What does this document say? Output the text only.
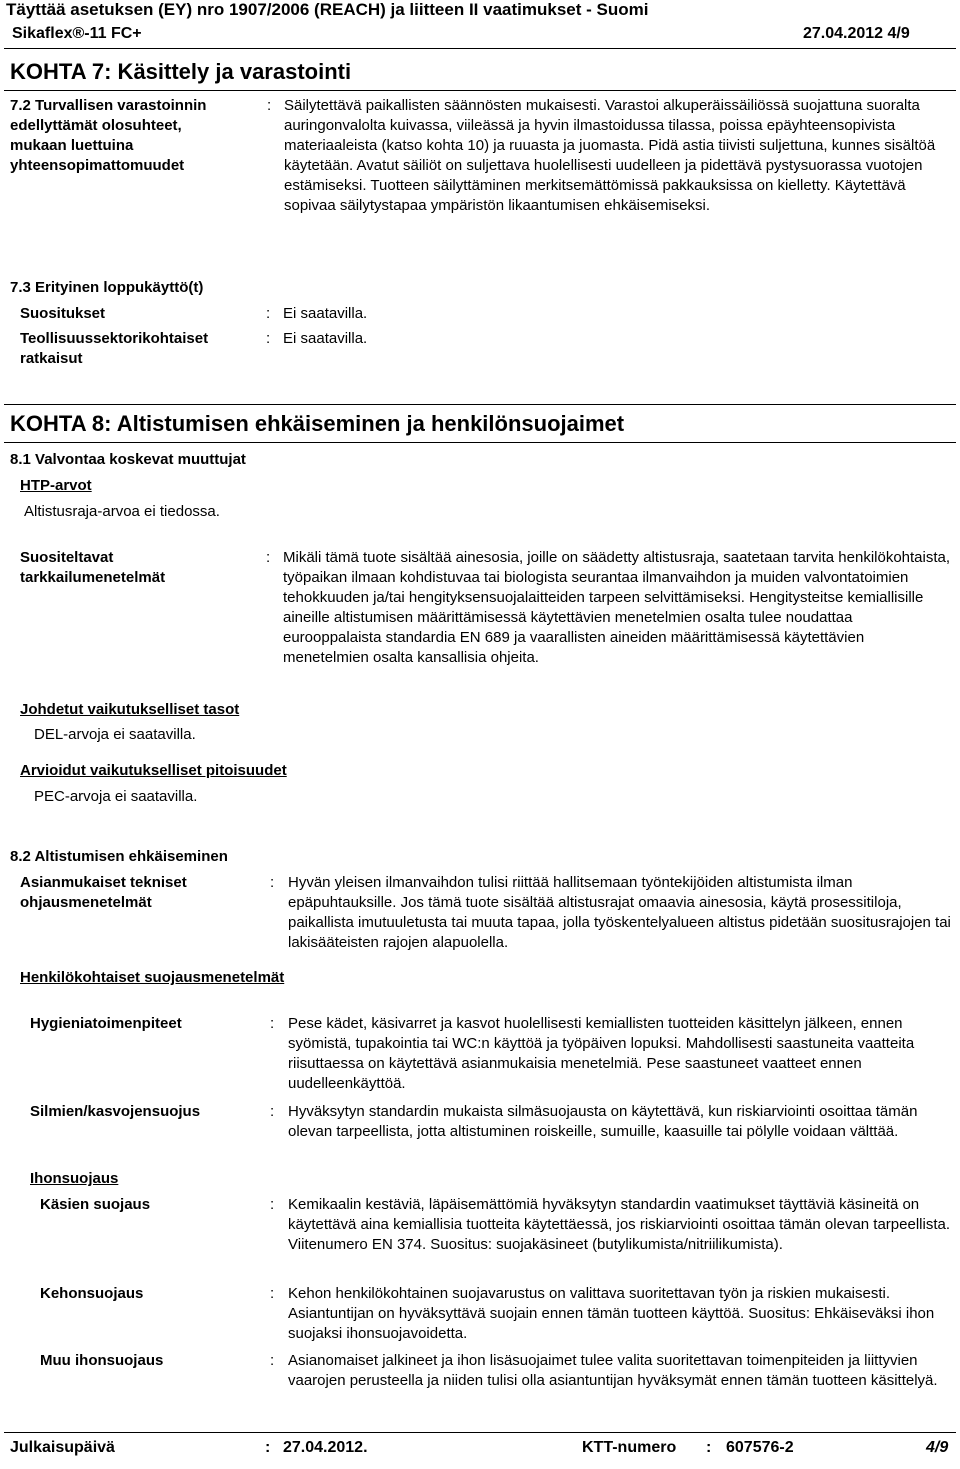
Täyttää asetuksen (EY) nro 1907/2006 (REACH) ja liitteen II vaatimukset - Suomi
Sikaflex®-11 FC+	27.04.2012 4/9
KOHTA 7: Käsittely ja varastointi
7.2 Turvallisen varastoinnin
edellyttämät olosuhteet,
mukaan luettuina
yhteensopimattomuudet
: Säilytettävä paikallisten säännösten mukaisesti. Varastoi alkuperäissäiliössä suojattuna suoralta auringonvalolta kuivassa, viileässä ja hyvin ilmastoidussa tilassa, poissa epäyhteensopivista materiaaleista (katso kohta 10) ja ruuasta ja juomasta. Pidä astia tiivisti suljettuna, kunnes sisältöä käytetään. Avatut säiliöt on suljettava huolellisesti uudelleen ja pidettävä pystysuorassa vuotojen estämiseksi. Tuotteen säilyttäminen merkitsemättömissä pakkauksissa on kielletty. Käytettävä sopivaa säilytystapaa ympäristön likaantumisen ehkäisemiseksi.
7.3 Erityinen loppukäyttö(t)
Suositukset	: Ei saatavilla.
Teollisuussektorikohtaiset
ratkaisut
: Ei saatavilla.
KOHTA 8: Altistumisen ehkäiseminen ja henkilönsuojaimet
8.1 Valvontaa koskevat muuttujat
HTP-arvot
Altistusraja-arvoa ei tiedossa.
Suositeltavat
tarkkailumenetelmät
: Mikäli tämä tuote sisältää ainesosia, joille on säädetty altistusraja, saatetaan tarvita henkilökohtaista, työpaikan ilmaan kohdistuvaa tai biologista seurantaa ilmanvaihdon ja muiden valvontatoimien tehokkuuden ja/tai hengityksensuojalaitteiden tarpeen selvittämiseksi. Hengitysteitse kemiallisille aineille altistumisen määrittämisessä käytettävien menetelmien osalta tulee noudattaa eurooppalaista standardia EN 689 ja vaarallisten aineiden määrittämisessä käytettävien menetelmien osalta kansallisia ohjeita.
Johdetut vaikutukselliset tasot
DEL-arvoja ei saatavilla.
Arvioidut vaikutukselliset pitoisuudet
PEC-arvoja ei saatavilla.
8.2 Altistumisen ehkäiseminen
Asianmukaiset tekniset
ohjausmenetelmät
: Hyvän yleisen ilmanvaihdon tulisi riittää hallitsemaan työntekijöiden altistumista ilman epäpuhtauksille. Jos tämä tuote sisältää altistusrajat omaavia ainesosia, käytä prosessitiloja, paikallista imutuuletusta tai muuta tapaa, jolla työskentelyalueen altistus pidetään suositusrajojen tai lakisääteisten rajojen alapuolella.
Henkilökohtaiset suojausmenetelmät
Hygieniatoimenpiteet	: Pese kädet, käsivarret ja kasvot huolellisesti kemiallisten tuotteiden käsittelyn jälkeen, ennen syömistä, tupakointia tai WC:n käyttöä ja työpäiven lopuksi. Mahdollisesti saastuneita vaatteita riisuttaessa on käytettävä asianmukaisia menetelmiä. Pese saastuneet vaatteet ennen uudelleenkäyttöä.
Silmien/kasvojensuojus	: Hyväksytyn standardin mukaista silmäsuojausta on käytettävä, kun riskiarviointi osoittaa tämän olevan tarpeellista, jotta altistuminen roiskeille, sumuille, kaasuille tai pölylle voidaan välttää.
Ihonsuojaus
Käsien suojaus	: Kemikaalin kestäviä, läpäisemättömiä hyväksytyn standardin vaatimukset täyttäviä käsineitä on käytettävä aina kemiallisia tuotteita käytettäessä, jos riskiarviointi osoittaa tämän olevan tarpeellista. Viitenumero EN 374. Suositus: suojakäsineet (butylikumista/nitriilikumista).
Kehonsuojaus	: Kehon henkilökohtainen suojavarustus on valittava suoritettavan työn ja riskien mukaisesti. Asiantuntijan on hyväksyttävä suojain ennen tämän tuotteen käyttöä. Suositus: Ehkäiseväksi ihon suojaksi ihonsuojavoidetta.
Muu ihonsuojaus	: Asianomaiset jalkineet ja ihon lisäsuojaimet tulee valita suoritettavan toimenpiteiden ja liittyvien vaarojen perusteella ja niiden tulisi olla asiantuntijan hyväksymät ennen tämän tuotteen käsittelyä.
Julkaisupäivä	: 27.04.2012.	KTT-numero : 607576-2	4/9
